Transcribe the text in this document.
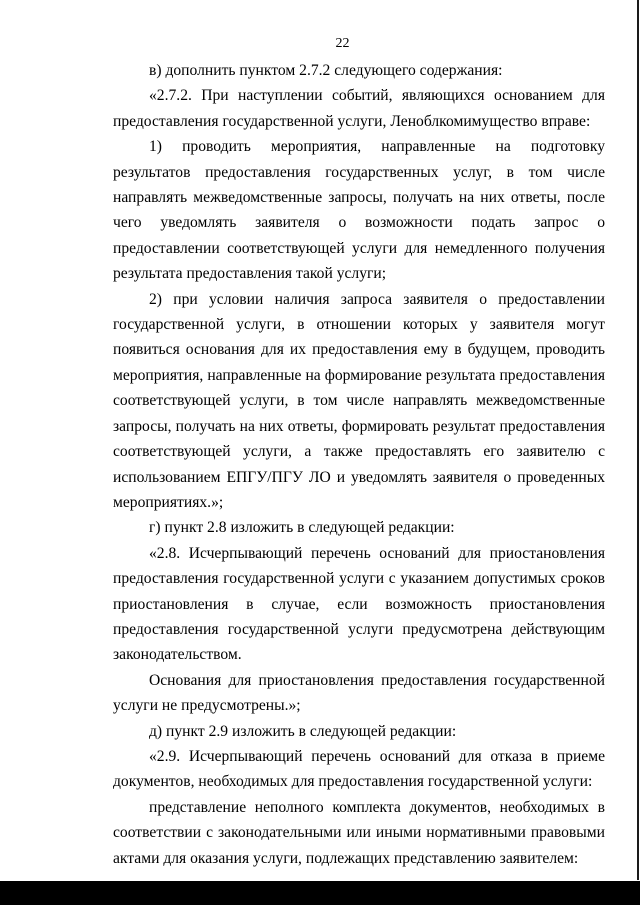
22

в) дополнить пунктом 2.7.2 следующего содержания:

«2.7.2. При наступлении событий, являющихся основанием для предоставления государственной услуги, Леноблкомимущество вправе:

1) проводить мероприятия, направленные на подготовку результатов предоставления государственных услуг, в том числе направлять межведомственные запросы, получать на них ответы, после чего уведомлять заявителя о возможности подать запрос о предоставлении соответствующей услуги для немедленного получения результата предоставления такой услуги;

2) при условии наличия запроса заявителя о предоставлении государственной услуги, в отношении которых у заявителя могут появиться основания для их предоставления ему в будущем, проводить мероприятия, направленные на формирование результата предоставления соответствующей услуги, в том числе направлять межведомственные запросы, получать на них ответы, формировать результат предоставления соответствующей услуги, а также предоставлять его заявителю с использованием ЕПГУ/ПГУ ЛО и уведомлять заявителя о проведенных мероприятиях.»;

г) пункт 2.8 изложить в следующей редакции:

«2.8. Исчерпывающий перечень оснований для приостановления предоставления государственной услуги с указанием допустимых сроков приостановления в случае, если возможность приостановления предоставления государственной услуги предусмотрена действующим законодательством.

Основания для приостановления предоставления государственной услуги не предусмотрены.»;

д) пункт 2.9 изложить в следующей редакции:

«2.9. Исчерпывающий перечень оснований для отказа в приеме документов, необходимых для предоставления государственной услуги:

представление неполного комплекта документов, необходимых в соответствии с законодательными или иными нормативными правовыми актами для оказания услуги, подлежащих представлению заявителем:
